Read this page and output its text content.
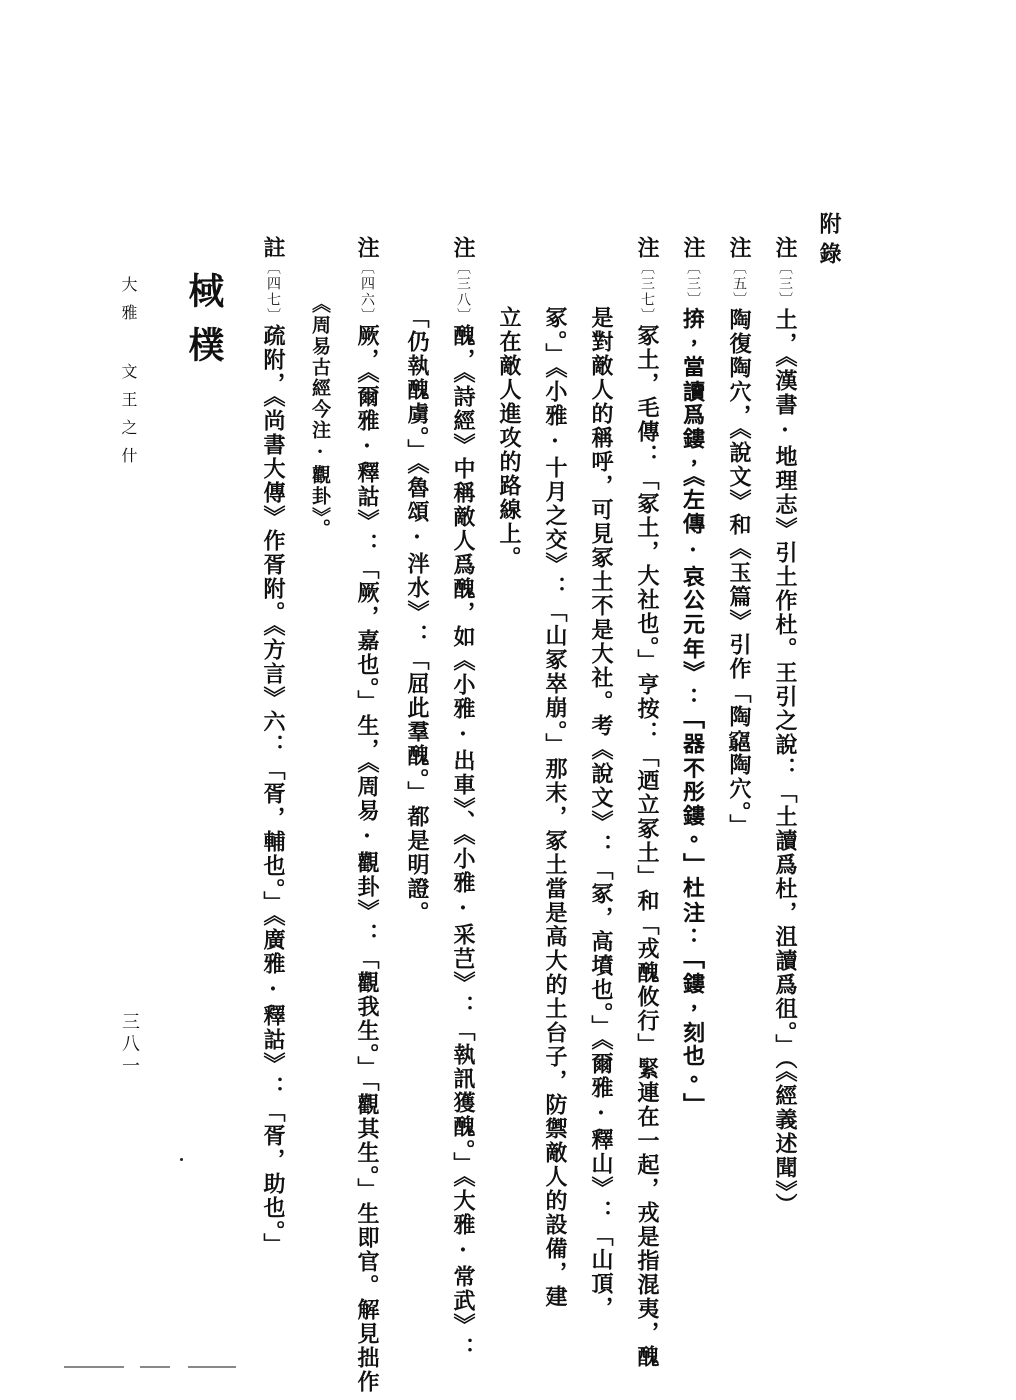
附錄
注〔三〕土，《漢書·地理志》引土作杜。王引之說：「土讀爲杜，沮讀爲徂。」（《經義述聞》）
注〔五〕陶復陶穴，《說文》和《玉篇》引作「陶𥨪陶穴。」
注〔三〕𢬵，當讀爲鏤，《左傳·哀公元年》：「器不彤鏤。」杜注：「鏤，刻也。」
注〔三七〕冢土，毛傳：「冢土，大社也。」亨按：「迺立冢土」和「戎醜攸行」緊連在一起，戎是指混夷，醜
是對敵人的稱呼，可見冢土不是大社。考《說文》：「冢，高墳也。」《爾雅·釋山》：「山頂，
冢。」《小雅·十月之交》：「山冢崒崩。」那末，冢土當是高大的土台子，防禦敵人的設備，建
立在敵人進攻的路線上。
注〔三八〕醜，《詩經》中稱敵人爲醜，如《小雅·出車》、《小雅·采芑》：「執訊獲醜。」《大雅·常武》：
「仍執醜虜。」《魯頌·泮水》：「屈此羣醜。」都是明證。
注〔四六〕厥，《爾雅·釋詁》：「厥，嘉也。」生，《周易·觀卦》：「觀我生。」「觀其生。」生即官。解見拙作
《周易古經今注·觀卦》。
註〔四七〕疏附，《尚書大傳》作胥附。《方言》六：「胥，輔也。」《廣雅·釋詁》：「胥，助也。」
棫樸
大雅 文王之什
三八一
